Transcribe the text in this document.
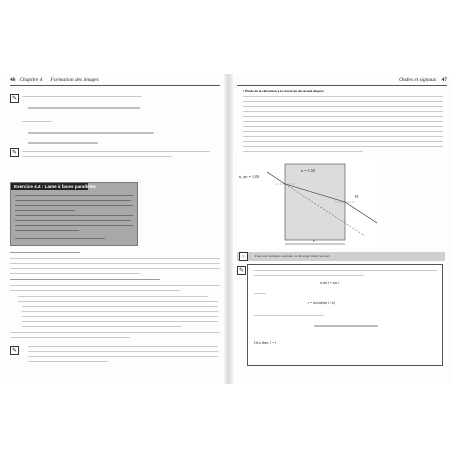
46 Chapitre 4 Formation des images
✎
✎
Exercice 4.4 : Lame à faces parallèles
✎
Ondes et signaux 47
• Étude de la réfraction à la traversée du second dioptre
n_air = 1,00
n = 1,50
H
e
☞	Pour une incidence normale, le décalage latéral est nul.
✎
n sin r = sin i
r = arcsin(sin i / n)
On a donc i' = i
